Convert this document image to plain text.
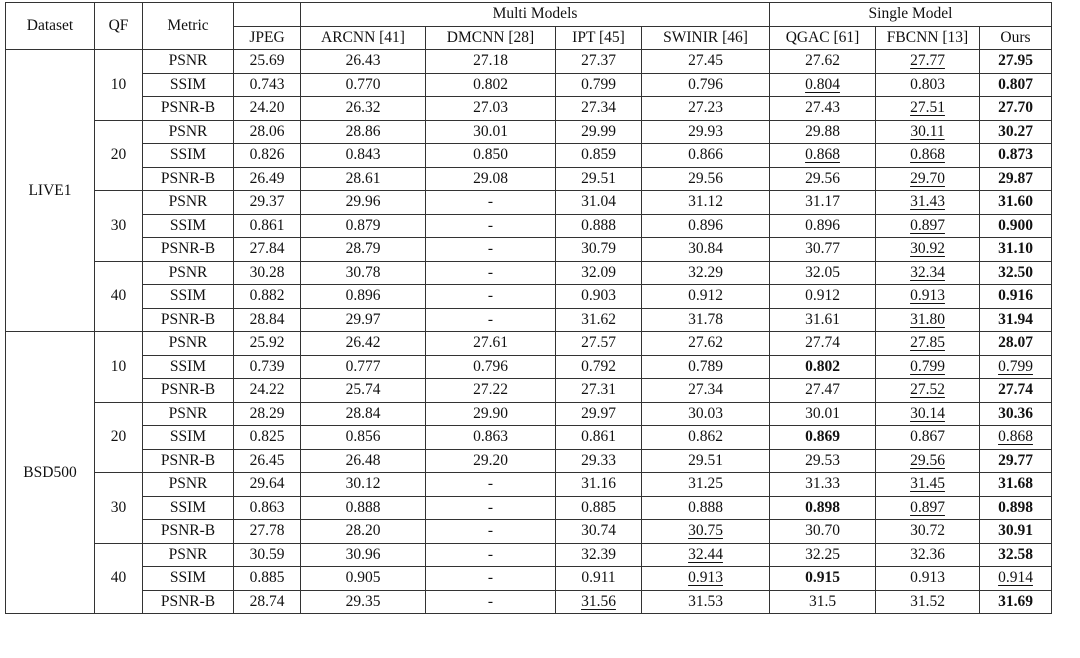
Dataset	QF	Metric		Multi Models				Single Model		
			JPEG	ARCNN [41]	DMCNN [28]	IPT [45]	SWINIR [46]	QGAC [61]	FBCNN [13]	Ours
LIVE1	10	PSNR	25.69	26.43	27.18	27.37	27.45	27.62	27.77	27.95
		SSIM	0.743	0.770	0.802	0.799	0.796	0.804	0.803	0.807
		PSNR-B	24.20	26.32	27.03	27.34	27.23	27.43	27.51	27.70
	20	PSNR	28.06	28.86	30.01	29.99	29.93	29.88	30.11	30.27
		SSIM	0.826	0.843	0.850	0.859	0.866	0.868	0.868	0.873
		PSNR-B	26.49	28.61	29.08	29.51	29.56	29.56	29.70	29.87
	30	PSNR	29.37	29.96	-	31.04	31.12	31.17	31.43	31.60
		SSIM	0.861	0.879	-	0.888	0.896	0.896	0.897	0.900
		PSNR-B	27.84	28.79	-	30.79	30.84	30.77	30.92	31.10
	40	PSNR	30.28	30.78	-	32.09	32.29	32.05	32.34	32.50
		SSIM	0.882	0.896	-	0.903	0.912	0.912	0.913	0.916
		PSNR-B	28.84	29.97	-	31.62	31.78	31.61	31.80	31.94
BSD500	10	PSNR	25.92	26.42	27.61	27.57	27.62	27.74	27.85	28.07
		SSIM	0.739	0.777	0.796	0.792	0.789	0.802	0.799	0.799
		PSNR-B	24.22	25.74	27.22	27.31	27.34	27.47	27.52	27.74
	20	PSNR	28.29	28.84	29.90	29.97	30.03	30.01	30.14	30.36
		SSIM	0.825	0.856	0.863	0.861	0.862	0.869	0.867	0.868
		PSNR-B	26.45	26.48	29.20	29.33	29.51	29.53	29.56	29.77
	30	PSNR	29.64	30.12	-	31.16	31.25	31.33	31.45	31.68
		SSIM	0.863	0.888	-	0.885	0.888	0.898	0.897	0.898
		PSNR-B	27.78	28.20	-	30.74	30.75	30.70	30.72	30.91
	40	PSNR	30.59	30.96	-	32.39	32.44	32.25	32.36	32.58
		SSIM	0.885	0.905	-	0.911	0.913	0.915	0.913	0.914
		PSNR-B	28.74	29.35	-	31.56	31.53	31.5	31.52	31.69
